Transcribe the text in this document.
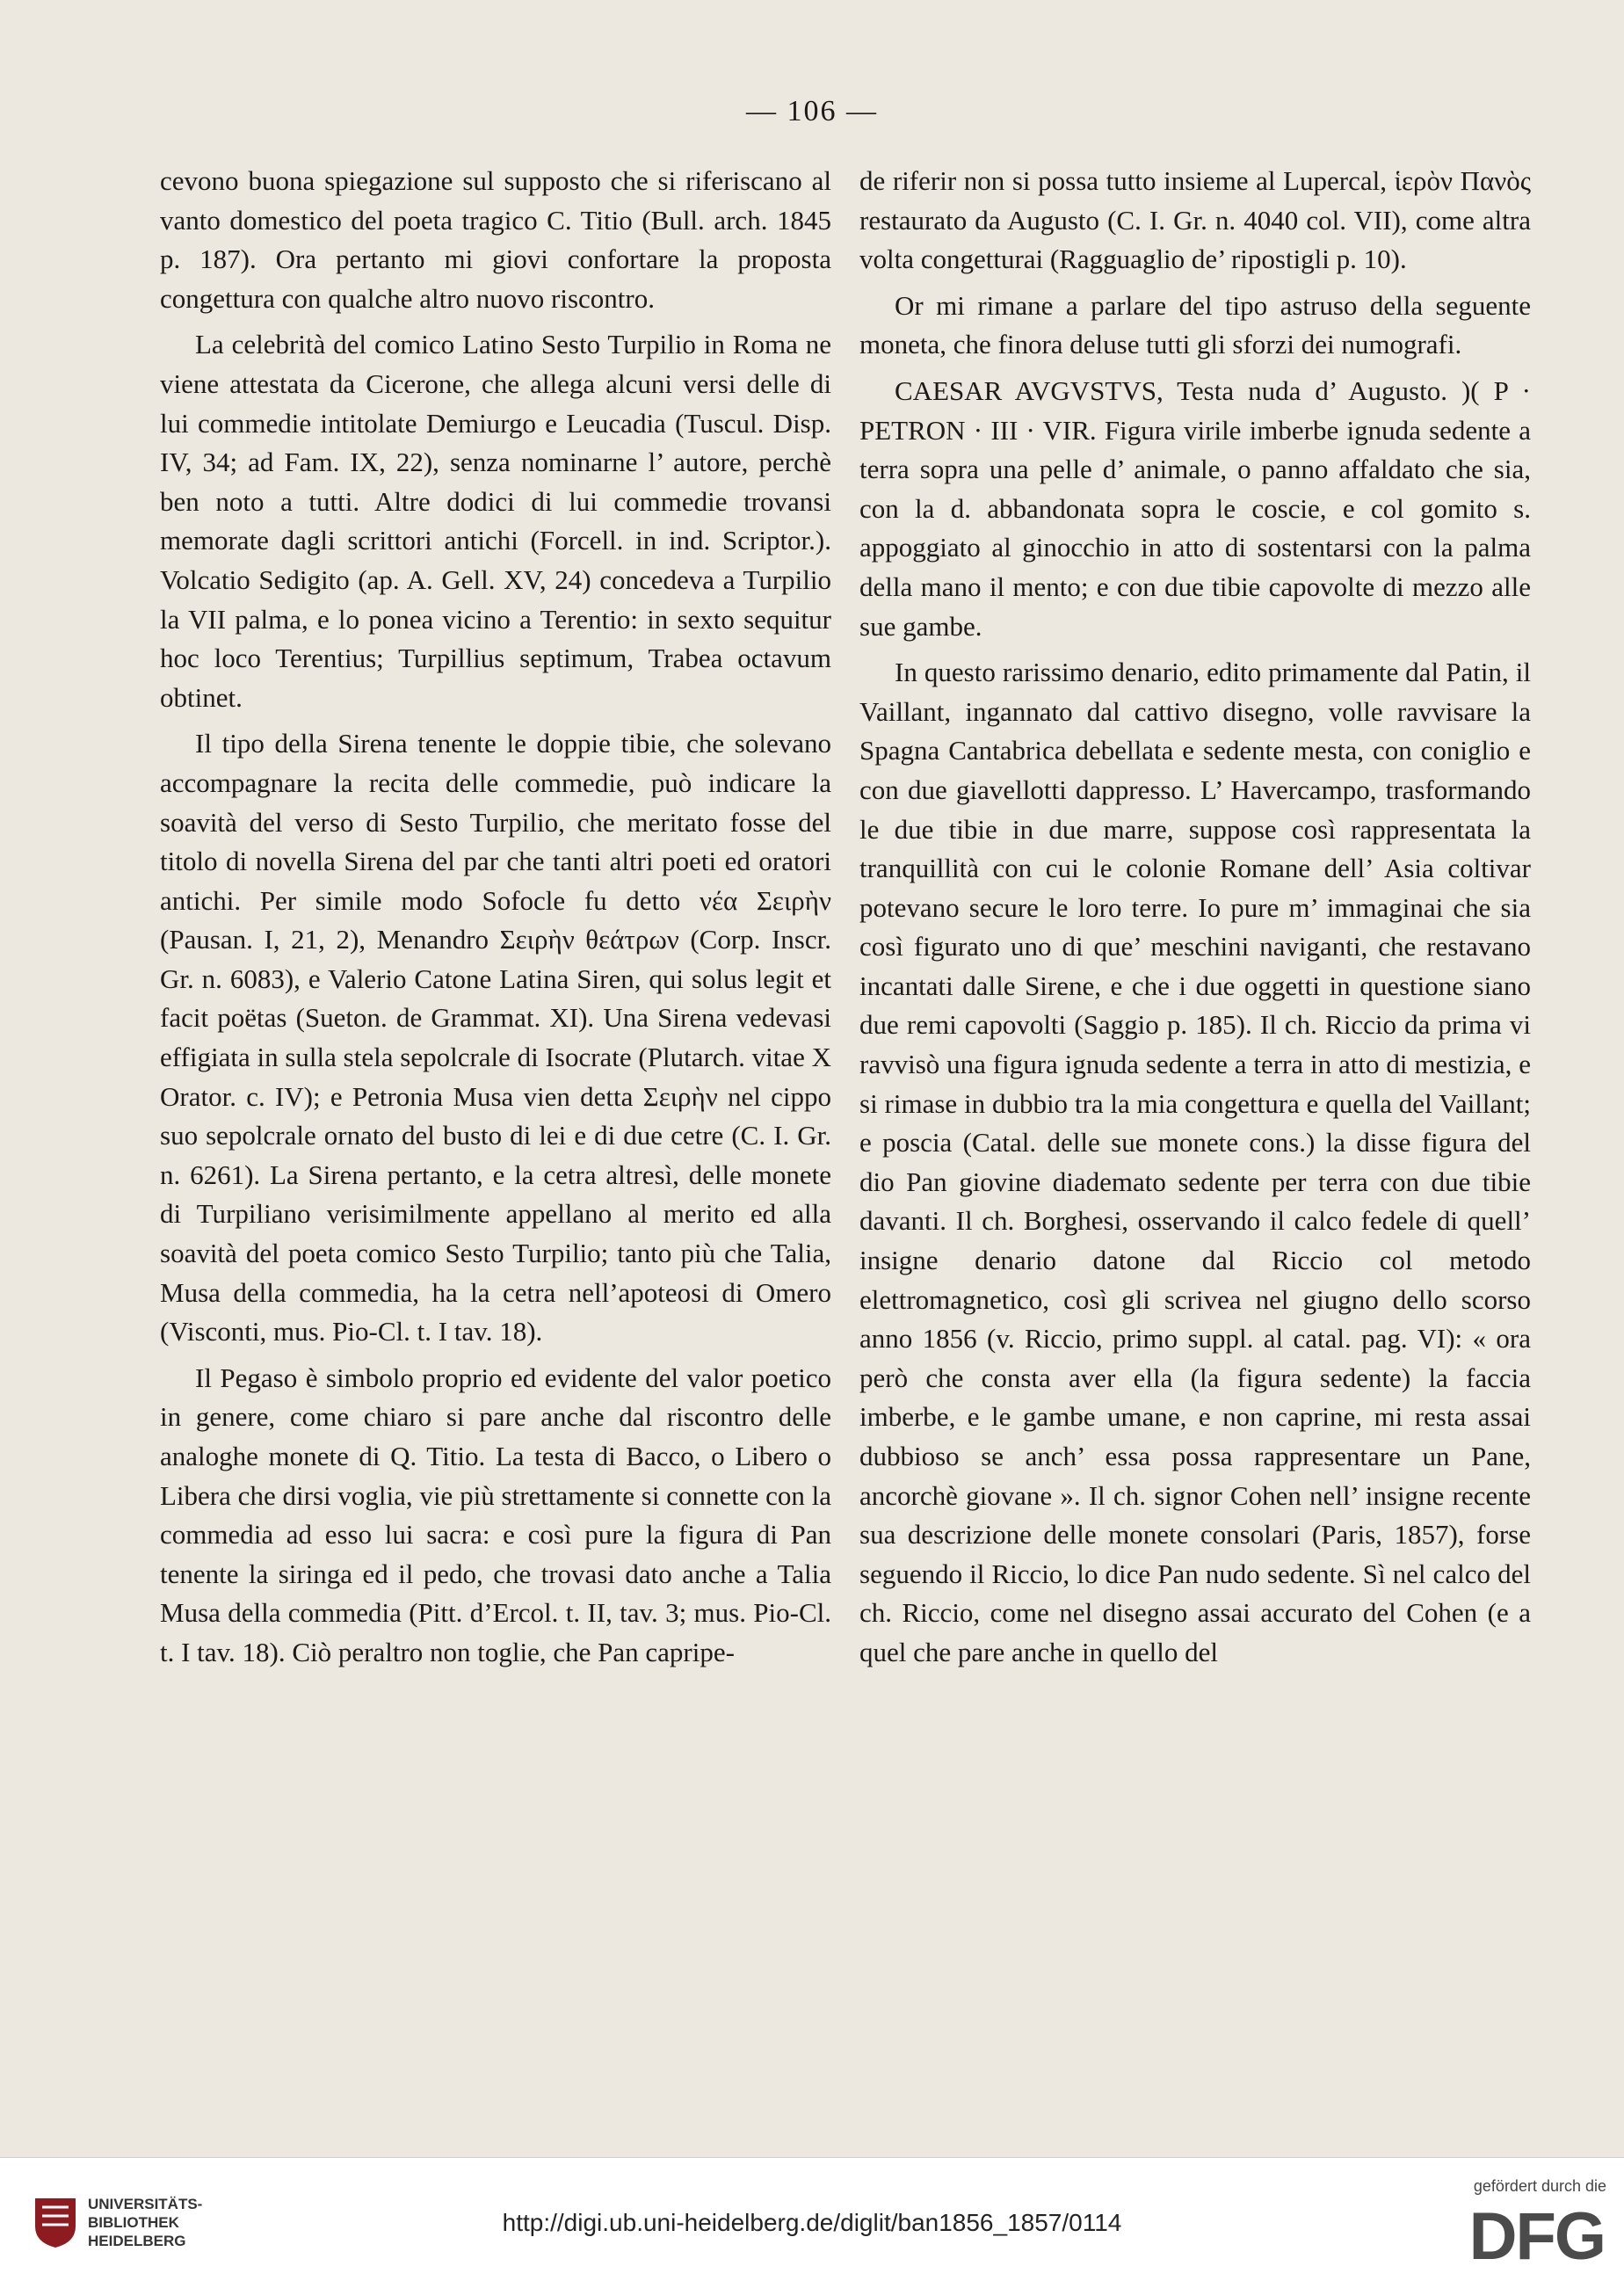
— 106 —

cevono buona spiegazione sul supposto che si riferiscano al vanto domestico del poeta tragico C. Titio (Bull. arch. 1845 p. 187). Ora pertanto mi giovi confortare la proposta congettura con qualche altro nuovo riscontro.

La celebrità del comico Latino Sesto Turpilio in Roma ne viene attestata da Cicerone, che allega alcuni versi delle di lui commedie intitolate Demiurgo e Leucadia (Tuscul. Disp. IV, 34; ad Fam. IX, 22), senza nominarne l’ autore, perchè ben noto a tutti. Altre dodici di lui commedie trovansi memorate dagli scrittori antichi (Forcell. in ind. Scriptor.). Volcatio Sedigito (ap. A. Gell. XV, 24) concedeva a Turpilio la VII palma, e lo ponea vicino a Terentio: in sexto sequitur hoc loco Terentius; Turpillius septimum, Trabea octavum obtinet.

Il tipo della Sirena tenente le doppie tibie, che solevano accompagnare la recita delle commedie, può indicare la soavità del verso di Sesto Turpilio, che meritato fosse del titolo di novella Sirena del par che tanti altri poeti ed oratori antichi. Per simile modo Sofocle fu detto νέα Σειρὴν (Pausan. I, 21, 2), Menandro Σειρὴν θεάτρων (Corp. Inscr. Gr. n. 6083), e Valerio Catone Latina Siren, qui solus legit et facit poëtas (Sueton. de Grammat. XI). Una Sirena vedevasi effigiata in sulla stela sepolcrale di Isocrate (Plutarch. vitae X Orator. c. IV); e Petronia Musa vien detta Σειρὴν nel cippo suo sepolcrale ornato del busto di lei e di due cetre (C. I. Gr. n. 6261). La Sirena pertanto, e la cetra altresì, delle monete di Turpiliano verisimilmente appellano al merito ed alla soavità del poeta comico Sesto Turpilio; tanto più che Talia, Musa della commedia, ha la cetra nell’apoteosi di Omero (Visconti, mus. Pio-Cl. t. I tav. 18).

Il Pegaso è simbolo proprio ed evidente del valor poetico in genere, come chiaro si pare anche dal riscontro delle analoghe monete di Q. Titio. La testa di Bacco, o Libero o Libera che dirsi voglia, vie più strettamente si connette con la commedia ad esso lui sacra: e così pure la figura di Pan tenente la siringa ed il pedo, che trovasi dato anche a Talia Musa della commedia (Pitt. d’Ercol. t. II, tav. 3; mus. Pio-Cl. t. I tav. 18). Ciò peraltro non toglie, che Pan capripe-

de riferir non si possa tutto insieme al Lupercal, ἱερὸν Πανὸς restaurato da Augusto (C. I. Gr. n. 4040 col. VII), come altra volta congetturai (Ragguaglio de’ ripostigli p. 10).

Or mi rimane a parlare del tipo astruso della seguente moneta, che finora deluse tutti gli sforzi dei numografi.

CAESAR AVGVSTVS, Testa nuda d’ Augusto. )( P · PETRON · III · VIR. Figura virile imberbe ignuda sedente a terra sopra una pelle d’ animale, o panno affaldato che sia, con la d. abbandonata sopra le coscie, e col gomito s. appoggiato al ginocchio in atto di sostentarsi con la palma della mano il mento; e con due tibie capovolte di mezzo alle sue gambe.

In questo rarissimo denario, edito primamente dal Patin, il Vaillant, ingannato dal cattivo disegno, volle ravvisare la Spagna Cantabrica debellata e sedente mesta, con coniglio e con due giavellotti dappresso. L’ Havercampo, trasformando le due tibie in due marre, suppose così rappresentata la tranquillità con cui le colonie Romane dell’ Asia coltivar potevano secure le loro terre. Io pure m’ immaginai che sia così figurato uno di que’ meschini naviganti, che restavano incantati dalle Sirene, e che i due oggetti in questione siano due remi capovolti (Saggio p. 185). Il ch. Riccio da prima vi ravvisò una figura ignuda sedente a terra in atto di mestizia, e si rimase in dubbio tra la mia congettura e quella del Vaillant; e poscia (Catal. delle sue monete cons.) la disse figura del dio Pan giovine diademato sedente per terra con due tibie davanti. Il ch. Borghesi, osservando il calco fedele di quell’ insigne denario datone dal Riccio col metodo elettromagnetico, così gli scrivea nel giugno dello scorso anno 1856 (v. Riccio, primo suppl. al catal. pag. VI): « ora però che consta aver ella (la figura sedente) la faccia imberbe, e le gambe umane, e non caprine, mi resta assai dubbioso se anch’ essa possa rappresentare un Pane, ancorchè giovane ». Il ch. signor Cohen nell’ insigne recente sua descrizione delle monete consolari (Paris, 1857), forse seguendo il Riccio, lo dice Pan nudo sedente. Sì nel calco del ch. Riccio, come nel disegno assai accurato del Cohen (e a quel che pare anche in quello del

UNIVERSITÄTS-
BIBLIOTHEK
HEIDELBERG
http://digi.ub.uni-heidelberg.de/diglit/ban1856_1857/0114
gefördert durch die
DFG
